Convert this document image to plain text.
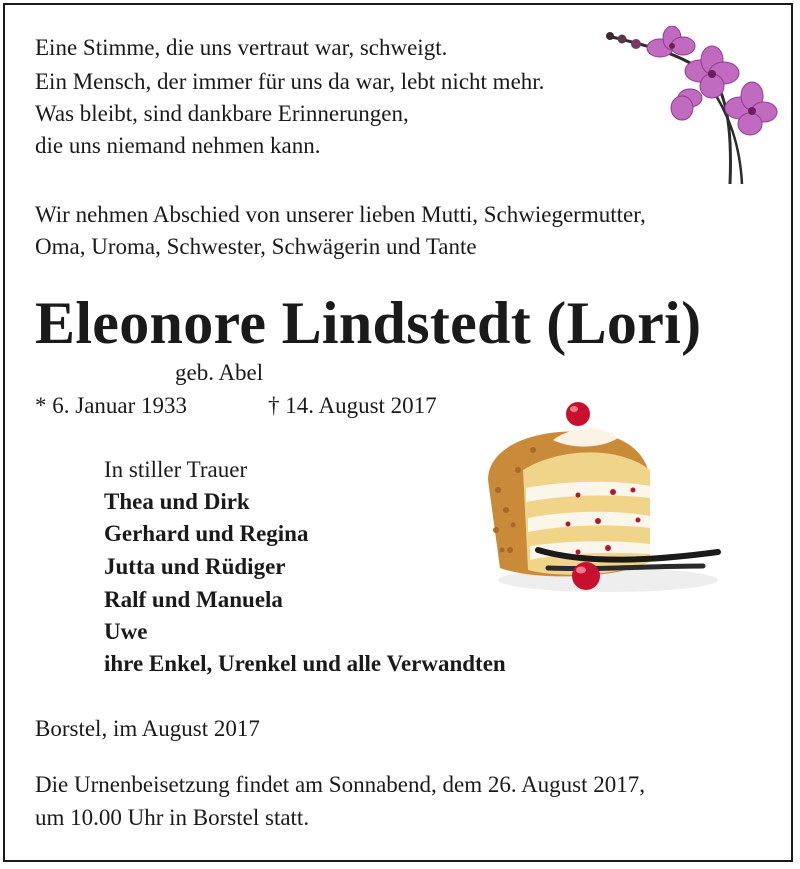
Eine Stimme, die uns vertraut war, schweigt.
Ein Mensch, der immer für uns da war, lebt nicht mehr.
Was bleibt, sind dankbare Erinnerungen,
die uns niemand nehmen kann.
Wir nehmen Abschied von unserer lieben Mutti, Schwiegermutter,
Oma, Uroma, Schwester, Schwägerin und Tante
Eleonore Lindstedt (Lori)
geb. Abel
* 6. Januar 1933	† 14. August 2017
In stiller Trauer
Thea und Dirk
Gerhard und Regina
Jutta und Rüdiger
Ralf und Manuela
Uwe
ihre Enkel, Urenkel und alle Verwandten
Borstel, im August 2017
Die Urnenbeisetzung findet am Sonnabend, dem 26. August 2017,
um 10.00 Uhr in Borstel statt.
